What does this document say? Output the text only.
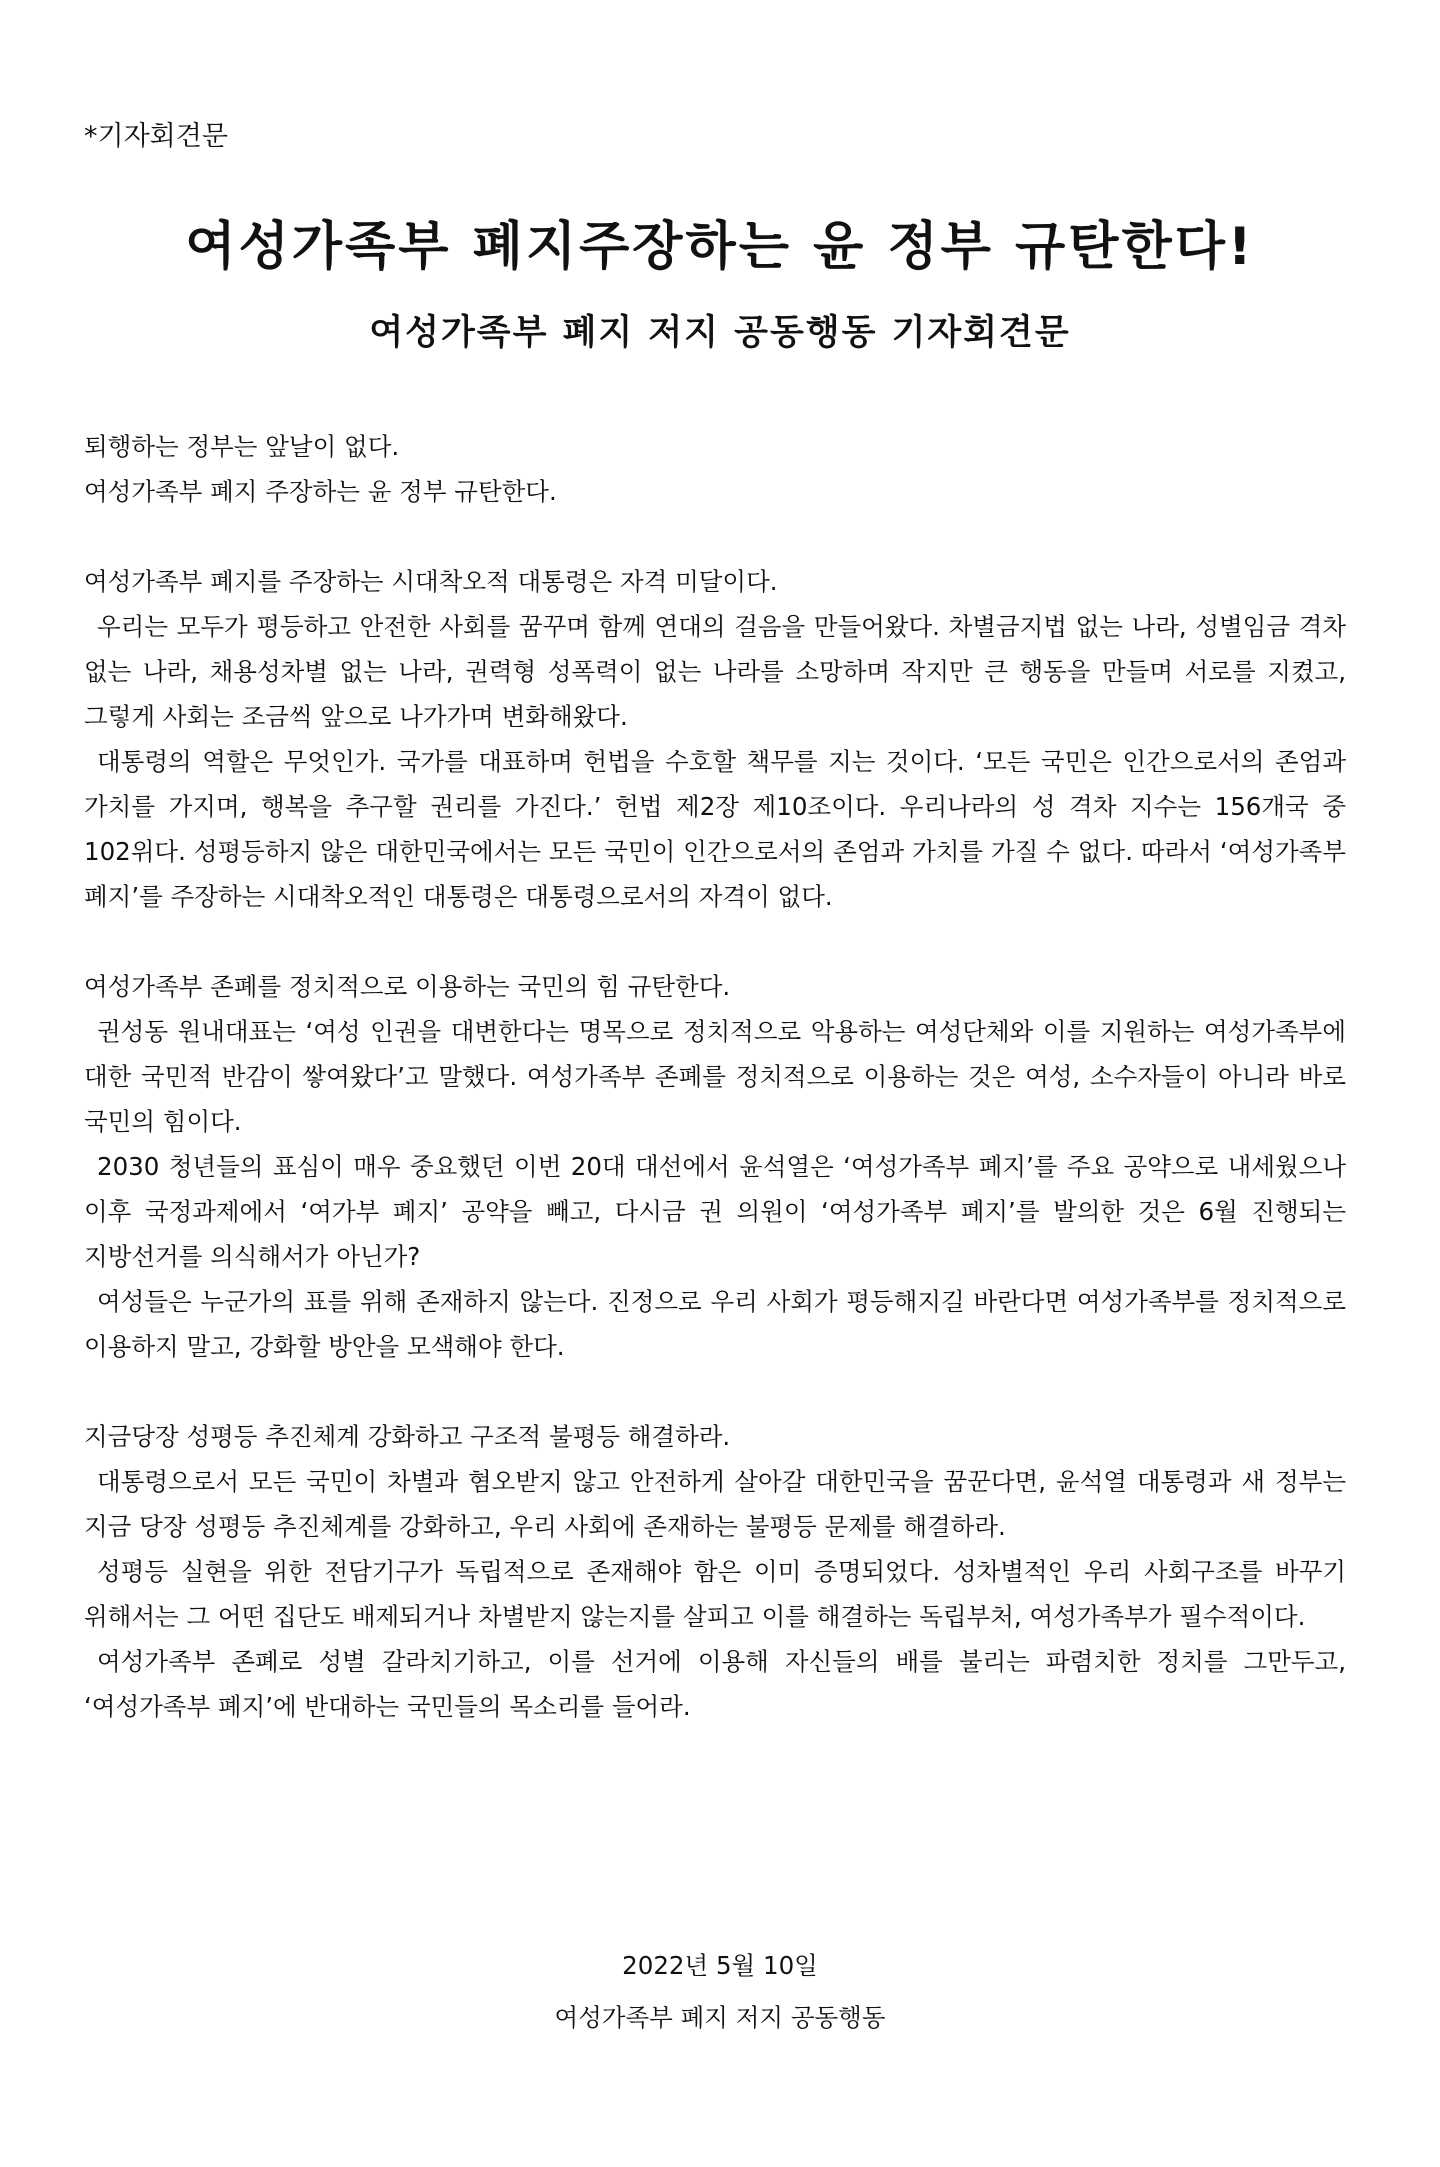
*기자회견문
여성가족부 폐지주장하는 윤 정부 규탄한다!
여성가족부 폐지 저지 공동행동 기자회견문

퇴행하는 정부는 앞날이 없다.

여성가족부 폐지 주장하는 윤 정부 규탄한다.

여성가족부 폐지를 주장하는 시대착오적 대통령은 자격 미달이다.

우리는 모두가 평등하고 안전한 사회를 꿈꾸며 함께 연대의 걸음을 만들어왔다. 차별금지법 없는 나라, 성별임금 격차 없는 나라, 채용성차별 없는 나라, 권력형 성폭력이 없는 나라를 소망하며 작지만 큰 행동을 만들며 서로를 지켰고, 그렇게 사회는 조금씩 앞으로 나가가며 변화해왔다.

대통령의 역할은 무엇인가. 국가를 대표하며 헌법을 수호할 책무를 지는 것이다. ‘모든 국민은 인간으로서의 존엄과 가치를 가지며, 행복을 추구할 권리를 가진다.’ 헌법 제2장 제10조이다. 우리나라의 성 격차 지수는 156개국 중 102위다. 성평등하지 않은 대한민국에서는 모든 국민이 인간으로서의 존엄과 가치를 가질 수 없다. 따라서 ‘여성가족부 폐지’를 주장하는 시대착오적인 대통령은 대통령으로서의 자격이 없다.

여성가족부 존폐를 정치적으로 이용하는 국민의 힘 규탄한다.

권성동 원내대표는 ‘여성 인권을 대변한다는 명목으로 정치적으로 악용하는 여성단체와 이를 지원하는 여성가족부에 대한 국민적 반감이 쌓여왔다’고 말했다. 여성가족부 존폐를 정치적으로 이용하는 것은 여성, 소수자들이 아니라 바로 국민의 힘이다.

2030 청년들의 표심이 매우 중요했던 이번 20대 대선에서 윤석열은 ‘여성가족부 폐지’를 주요 공약으로 내세웠으나 이후 국정과제에서 ‘여가부 폐지’ 공약을 빼고, 다시금 권 의원이 ‘여성가족부 폐지’를 발의한 것은 6월 진행되는 지방선거를 의식해서가 아닌가?

여성들은 누군가의 표를 위해 존재하지 않는다. 진정으로 우리 사회가 평등해지길 바란다면 여성가족부를 정치적으로 이용하지 말고, 강화할 방안을 모색해야 한다.

지금당장 성평등 추진체계 강화하고 구조적 불평등 해결하라.

대통령으로서 모든 국민이 차별과 혐오받지 않고 안전하게 살아갈 대한민국을 꿈꾼다면, 윤석열 대통령과 새 정부는 지금 당장 성평등 추진체계를 강화하고, 우리 사회에 존재하는 불평등 문제를 해결하라.

성평등 실현을 위한 전담기구가 독립적으로 존재해야 함은 이미 증명되었다. 성차별적인 우리 사회구조를 바꾸기 위해서는 그 어떤 집단도 배제되거나 차별받지 않는지를 살피고 이를 해결하는 독립부처, 여성가족부가 필수적이다.

여성가족부 존폐로 성별 갈라치기하고, 이를 선거에 이용해 자신들의 배를 불리는 파렴치한 정치를 그만두고, ‘여성가족부 폐지’에 반대하는 국민들의 목소리를 들어라.

2022년 5월 10일
여성가족부 폐지 저지 공동행동
